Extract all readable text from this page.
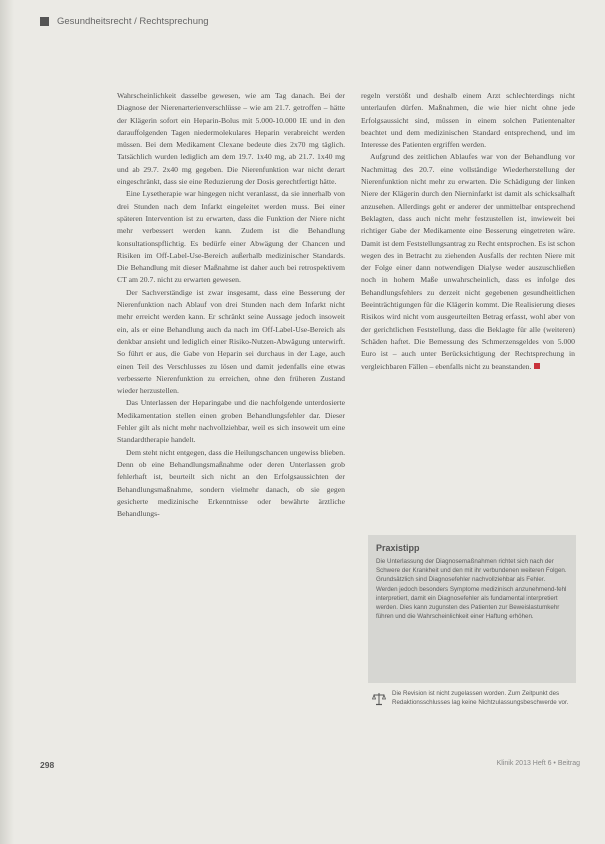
Gesundheitsrecht / Rechtsprechung

Wahrscheinlichkeit dasselbe gewesen, wie am Tag danach. Bei der Diagnose der Nierenarterienverschlüsse – wie am 21.7. getroffen – hätte der Klägerin sofort ein Heparin-Bolus mit 5.000-10.000 IE und in den darauffolgenden Tagen niedermolekulares Heparin verabreicht werden müssen. Bei dem Medikament Clexane bedeute dies 2x70 mg täglich. Tatsächlich wurden lediglich am dem 19.7. 1x40 mg, ab 21.7. 1x40 mg und ab 29.7. 2x40 mg gegeben. Die Nierenfunktion war nicht derart eingeschränkt, dass sie eine Reduzierung der Dosis gerechtfertigt hätte.

Eine Lysetherapie war hingegen nicht veranlasst, da sie innerhalb von drei Stunden nach dem Infarkt eingeleitet werden muss. Bei einer späteren Intervention ist zu erwarten, dass die Funktion der Niere nicht mehr verbessert werden kann. Zudem ist die Behandlung konsultationspflichtig. Es bedürfe einer Abwägung der Chancen und Risiken im Off-Label-Use-Bereich außerhalb medizinischer Standards. Die Behandlung mit dieser Maßnahme ist daher auch bei retrospektivem CT am 20.7. nicht zu erwarten gewesen.

Der Sachverständige ist zwar insgesamt, dass eine Besserung der Nierenfunktion nach Ablauf von drei Stunden nach dem Infarkt nicht mehr erreicht werden kann. Er schränkt seine Aussage jedoch insoweit ein, als er eine Behandlung auch da nach im Off-Label-Use-Bereich als denkbar ansieht und lediglich einer Risiko-Nutzen-Abwägung unterwirft. So führt er aus, die Gabe von Heparin sei durchaus in der Lage, auch einen Teil des Verschlusses zu lösen und damit jedenfalls eine etwas verbesserte Nierenfunktion zu erreichen, ohne den früheren Zustand wieder herzustellen.

Das Unterlassen der Heparingabe und die nachfolgende unterdosierte Medikamentation stellen einen groben Behandlungsfehler dar. Dieser Fehler gilt als nicht mehr nachvollziehbar, weil es sich insoweit um eine Standardtherapie handelt.

Dem steht nicht entgegen, dass die Heilungschancen ungewiss blieben. Denn ob eine Behandlungsmaßnahme oder deren Unterlassen grob fehlerhaft ist, beurteilt sich nicht an den Erfolgsaussichten der Behandlungsmaßnahme, sondern vielmehr danach, ob sie gegen gesicherte medizinische Erkenntnisse oder bewährte ärztliche Behandlungs-

regeln verstößt und deshalb einem Arzt schlechterdings nicht unterlaufen dürfen. Maßnahmen, die wie hier nicht ohne jede Erfolgsaussicht sind, müssen in einem solchen Patientenalter beachtet und dem medizinischen Standard entsprechend, und im Interesse des Patienten ergriffen werden.

Aufgrund des zeitlichen Ablaufes war von der Behandlung vor Nachmittag des 20.7. eine vollständige Wiederherstellung der Nierenfunktion nicht mehr zu erwarten. Die Schädigung der linken Niere der Klägerin durch den Nierninfarkt ist damit als schicksalhaft anzusehen. Allerdings geht er anderer der unmittelbar entsprechend Beklagten, dass auch nicht mehr festzustellen ist, inwieweit bei richtiger Gabe der Medikamente eine Besserung eingetreten wäre. Damit ist dem Feststellungsantrag zu Recht entsprochen. Es ist schon wegen des in Betracht zu ziehenden Ausfalls der rechten Niere mit der Folge einer dann notwendigen Dialyse weder auszuschließen noch in hohem Maße unwahrscheinlich, dass es infolge des Behandlungsfehlers zu derzeit nicht gegebenen gesundheitlichen Beeinträchtigungen für die Klägerin kommt. Die Realisierung dieses Risikos wird nicht vom ausgeurteilten Betrag erfasst, wohl aber von der gerichtlichen Feststellung, dass die Beklagte für alle (weiteren) Schäden haftet. Die Bemessung des Schmerzensgeldes von 5.000 Euro ist – auch unter Berücksichtigung der Rechtsprechung in vergleichbaren Fällen – ebenfalls nicht zu beanstanden.

Praxistipp
Die Unterlassung der Diagnosemaßnahmen richtet sich nach der Schwere der Krankheit und den mit ihr verbundenen weiteren Folgen. Grundsätzlich sind Diagnosefehler nachvollziehbar als Fehler. Werden jedoch besonders Symptome medizinisch anzunehmend-fehl interpretiert, damit ein Diagnosefehler als fundamental interpretiert werden. Dies kann zugunsten des Patienten zur Beweislastumkehr führen und die Wahrscheinlichkeit einer Haftung erhöhen.
Die Revision ist nicht zugelassen worden. Zum Zeitpunkt des Redaktionsschlusses lag keine Nichtzulassungsbeschwerde vor.
298	Klinik 2013 Heft 6 • Beitrag
